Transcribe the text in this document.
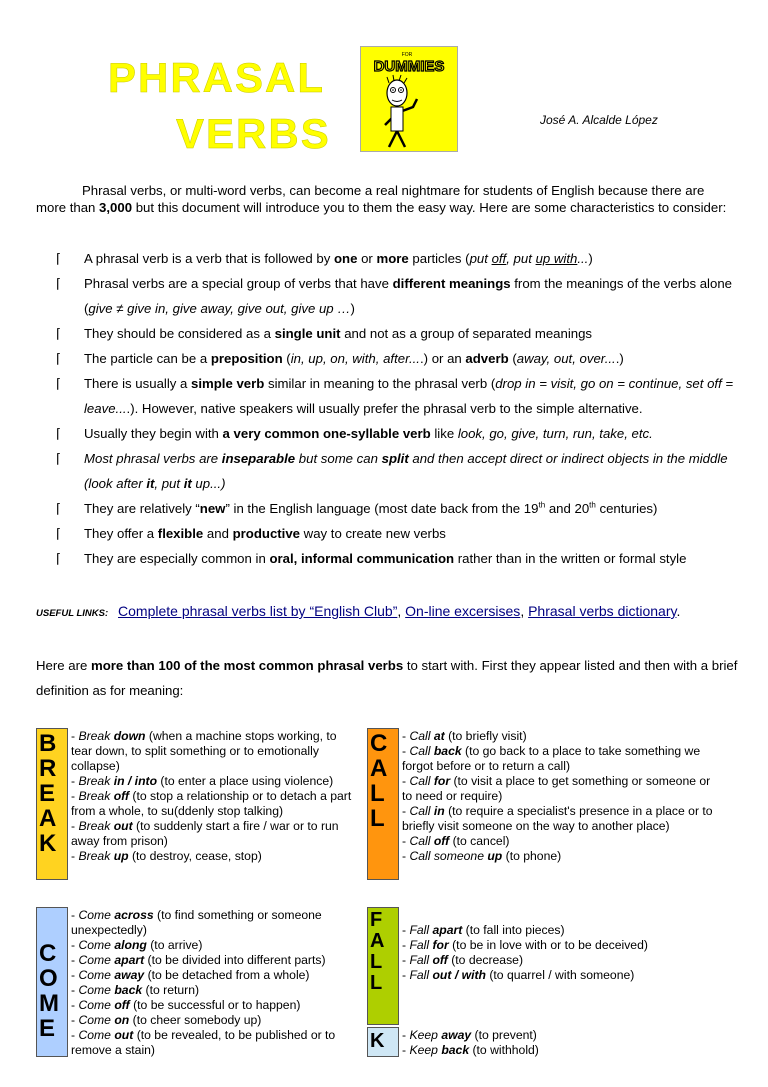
PHRASAL
VERBS
FOR
DUMMIES
José A. Alcalde López
Phrasal verbs, or multi-word verbs, can become a real nightmare for students of English because there are more than 3,000 but this document will introduce you to them the easy way. Here are some characteristics to consider:
⌈ A phrasal verb is a verb that is followed by one or more particles (put off, put up with...)
⌈ Phrasal verbs are a special group of verbs that have different meanings from the meanings of the verbs alone (give ≠ give in, give away, give out, give up …)
⌈ They should be considered as a single unit and not as a group of separated meanings
⌈ The particle can be a preposition (in, up, on, with, after....) or an adverb (away, out, over....)
⌈ There is usually a simple verb similar in meaning to the phrasal verb (drop in = visit, go on = continue, set off = leave....). However, native speakers will usually prefer the phrasal verb to the simple alternative.
⌈ Usually they begin with a very common one-syllable verb like look, go, give, turn, run, take, etc.
⌈ Most phrasal verbs are inseparable but some can split and then accept direct or indirect objects in the middle (look after it, put it up...)
⌈ They are relatively “new” in the English language (most date back from the 19th and 20th centuries)
⌈ They offer a flexible and productive way to create new verbs
⌈ They are especially common in oral, informal communication rather than in the written or formal style
USEFUL LINKS: Complete phrasal verbs list by “English Club”, On-line excersises, Phrasal verbs dictionary.
Here are more than 100 of the most common phrasal verbs to start with. First they appear listed and then with a brief definition as for meaning:
B
R
E
A
K
- Break down (when a machine stops working, to
tear down, to split something or to emotionally
collapse)
- Break in / into (to enter a place using violence)
- Break off (to stop a relationship or to detach a part
from a whole, to su(ddenly stop talking)
- Break out (to suddenly start a fire / war or to run
away from prison)
- Break up (to destroy, cease, stop)
C
A
L
L
- Call at (to briefly visit)
- Call back (to go back to a place to take something we
forgot before or to return a call)
- Call for (to visit a place to get something or someone or
to need or require)
- Call in (to require a specialist's presence in a place or to
briefly visit someone on the way to another place)
- Call off (to cancel)
- Call someone up (to phone)
C
O
M
E
- Come across (to find something or someone
unexpectedly)
- Come along (to arrive)
- Come apart (to be divided into different parts)
- Come away (to be detached from a whole)
- Come back (to return)
- Come off (to be successful or to happen)
- Come on (to cheer somebody up)
- Come out (to be revealed, to be published or to
remove a stain)
F
A
L
L
- Fall apart (to fall into pieces)
- Fall for (to be in love with or to be deceived)
- Fall off (to decrease)
- Fall out / with (to quarrel / with someone)
K	- Keep away (to prevent)
- Keep back (to withhold)
